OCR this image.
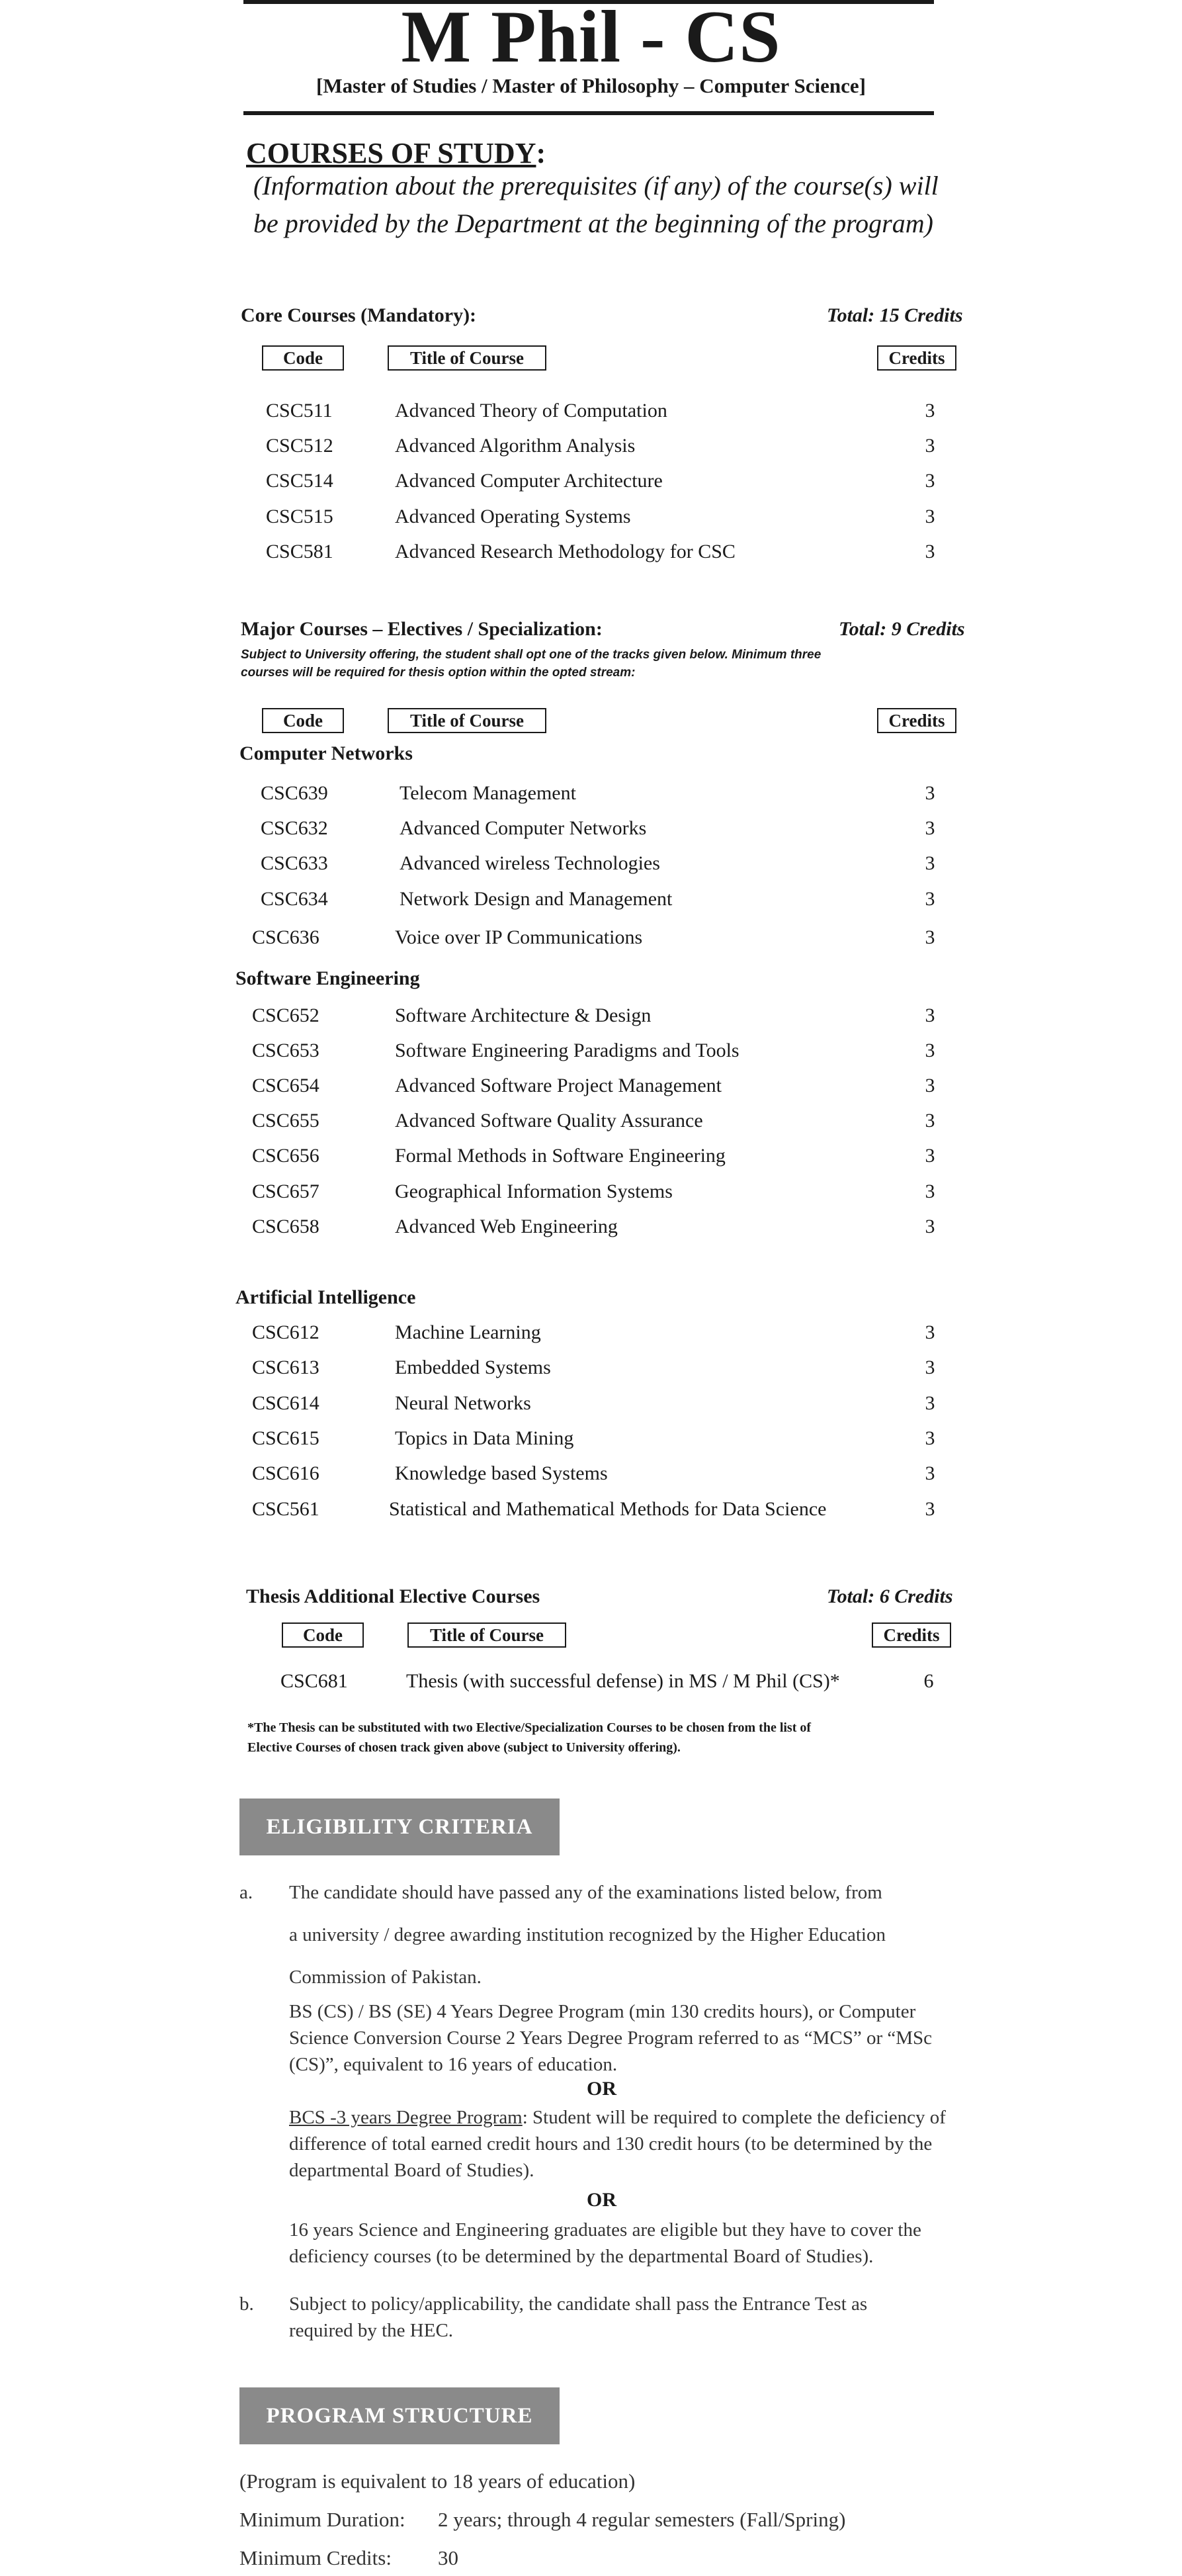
M Phil - CS
[Master of Studies / Master of Philosophy – Computer Science]
COURSES OF STUDY:
(Information about the prerequisites (if any) of the course(s) will be provided by the Department at the beginning of the program)
Core Courses (Mandatory):	Total: 15 Credits
Code	Title of Course	Credits
CSC511	Advanced Theory of Computation	3
CSC512	Advanced Algorithm Analysis	3
CSC514	Advanced Computer Architecture	3
CSC515	Advanced Operating Systems	3
CSC581	Advanced Research Methodology for CSC	3
Major Courses – Electives / Specialization:	Total: 9 Credits
Subject to University offering, the student shall opt one of the tracks given below. Minimum three courses will be required for thesis option within the opted stream:
Code	Title of Course	Credits
Computer Networks
CSC639	Telecom Management	3
CSC632	Advanced Computer Networks	3
CSC633	Advanced wireless Technologies	3
CSC634	Network Design and Management	3
CSC636	Voice over IP Communications	3
Software Engineering
CSC652	Software Architecture & Design	3
CSC653	Software Engineering Paradigms and Tools	3
CSC654	Advanced Software Project Management	3
CSC655	Advanced Software Quality Assurance	3
CSC656	Formal Methods in Software Engineering	3
CSC657	Geographical Information Systems	3
CSC658	Advanced Web Engineering	3
Artificial Intelligence
CSC612	Machine Learning	3
CSC613	Embedded Systems	3
CSC614	Neural Networks	3
CSC615	Topics in Data Mining	3
CSC616	Knowledge based Systems	3
CSC561	Statistical and Mathematical Methods for Data Science	3
Thesis Additional Elective Courses	Total: 6 Credits
Code	Title of Course	Credits
CSC681	Thesis (with successful defense) in MS / M Phil (CS)*	6
*The Thesis can be substituted with two Elective/Specialization Courses to be chosen from the list of Elective Courses of chosen track given above (subject to University offering).
ELIGIBILITY CRITERIA
a. The candidate should have passed any of the examinations listed below, from
a university / degree awarding institution recognized by the Higher Education
Commission of Pakistan.
BS (CS) / BS (SE) 4 Years Degree Program (min 130 credits hours), or Computer Science Conversion Course 2 Years Degree Program referred to as “MCS” or “MSc (CS)”, equivalent to 16 years of education.
OR
BCS -3 years Degree Program: Student will be required to complete the deficiency of difference of total earned credit hours and 130 credit hours (to be determined by the departmental Board of Studies).
OR
16 years Science and Engineering graduates are eligible but they have to cover the deficiency courses (to be determined by the departmental Board of Studies).
b. Subject to policy/applicability, the candidate shall pass the Entrance Test as required by the HEC.
PROGRAM STRUCTURE
(Program is equivalent to 18 years of education)
Minimum Duration: 2 years; through 4 regular semesters (Fall/Spring)
Minimum Credits: 30
